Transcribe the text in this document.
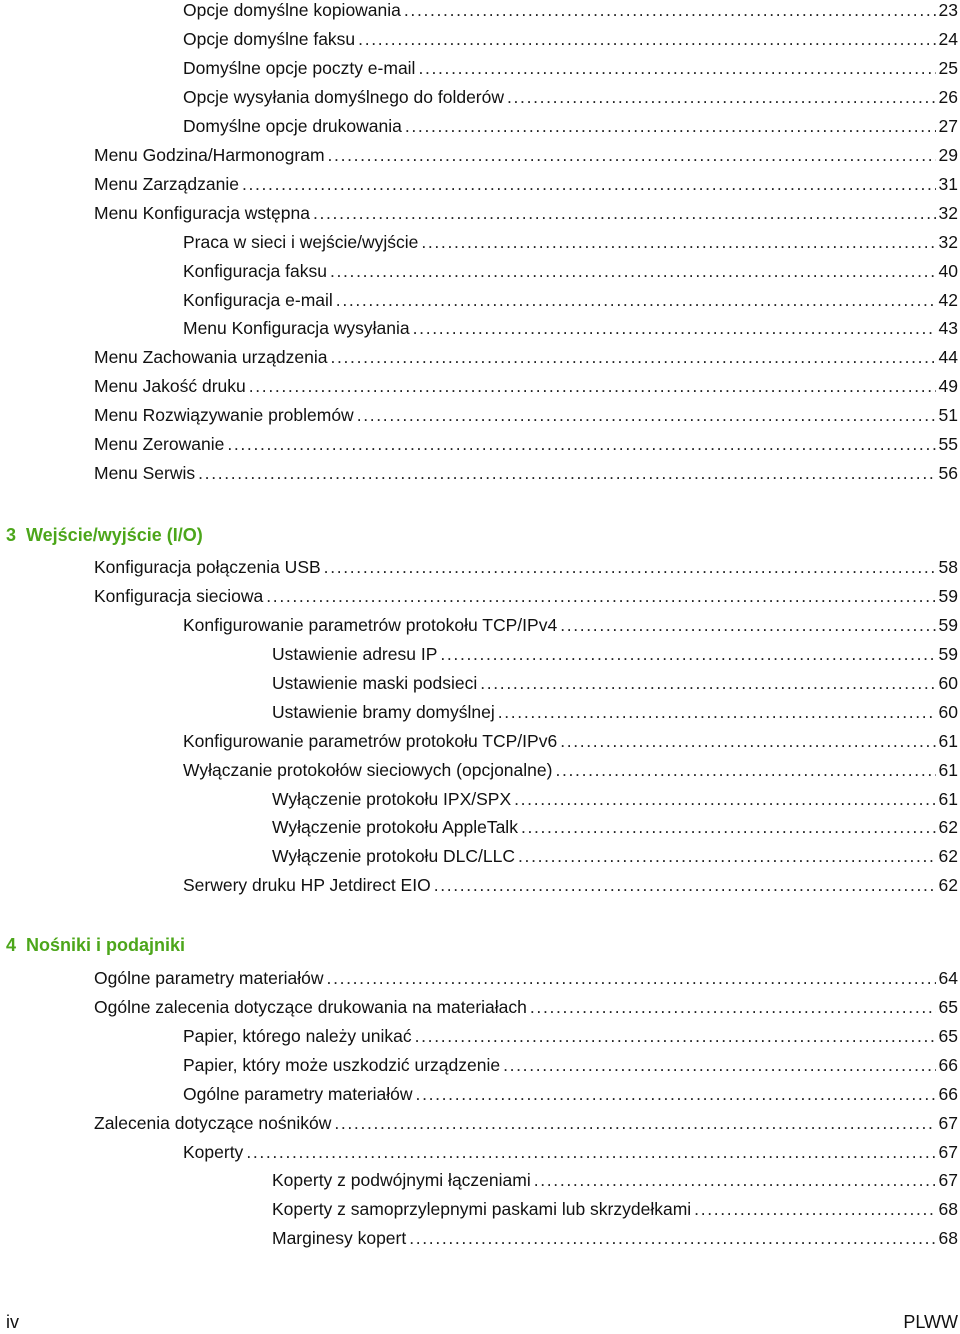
Opcje domyślne kopiowania . . .	23
Opcje domyślne faksu . . .	24
Domyślne opcje poczty e-mail . . .	25
Opcje wysyłania domyślnego do folderów . . .	26
Domyślne opcje drukowania . . .	27
Menu Godzina/Harmonogram . . .	29
Menu Zarządzanie . . .	31
Menu Konfiguracja wstępna . . .	32
Praca w sieci i wejście/wyjście . . .	32
Konfiguracja faksu . . .	40
Konfiguracja e-mail . . .	42
Menu Konfiguracja wysyłania . . .	43
Menu Zachowania urządzenia . . .	44
Menu Jakość druku . . .	49
Menu Rozwiązywanie problemów . . .	51
Menu Zerowanie . . .	55
Menu Serwis . . .	56
3 Wejście/wyjście (I/O)
Konfiguracja połączenia USB . . .	58
Konfiguracja sieciowa . . .	59
Konfigurowanie parametrów protokołu TCP/IPv4 . . .	59
Ustawienie adresu IP . . .	59
Ustawienie maski podsieci . . .	60
Ustawienie bramy domyślnej . . .	60
Konfigurowanie parametrów protokołu TCP/IPv6 . . .	61
Wyłączanie protokołów sieciowych (opcjonalne) . . .	61
Wyłączenie protokołu IPX/SPX . . .	61
Wyłączenie protokołu AppleTalk . . .	62
Wyłączenie protokołu DLC/LLC . . .	62
Serwery druku HP Jetdirect EIO . . .	62
4 Nośniki i podajniki
Ogólne parametry materiałów . . .	64
Ogólne zalecenia dotyczące drukowania na materiałach . . .	65
Papier, którego należy unikać . . .	65
Papier, który może uszkodzić urządzenie . . .	66
Ogólne parametry materiałów . . .	66
Zalecenia dotyczące nośników . . .	67
Koperty . . .	67
Koperty z podwójnymi łączeniami . . .	67
Koperty z samoprzylepnymi paskami lub skrzydełkami . . .	68
Marginesy kopert . . .	68
iv	PLWW
